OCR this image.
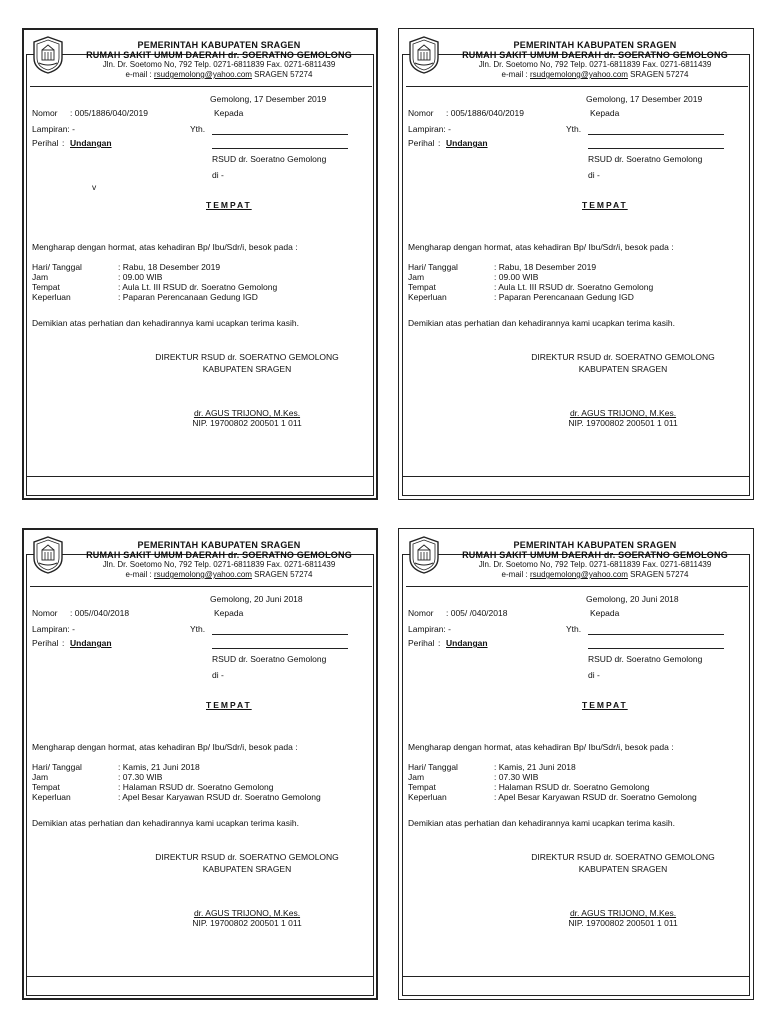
PEMERINTAH KABUPATEN SRAGEN
RUMAH SAKIT UMUM DAERAH dr. SOERATNO GEMOLONG
Jln. Dr. Soetomo No, 792 Telp. 0271-6811839 Fax. 0271-6811439
e-mail : rsudgemolong@yahoo.com SRAGEN 57274
Gemolong, 17 Desember 2019
Nomor : 005/1886/040/2019	Kepada
Lampiran: -	Yth.
Perihal : Undangan
RSUD dr. Soeratno Gemolong
di -
v
TEMPAT
Mengharap dengan hormat, atas kehadiran Bp/ Ibu/Sdr/i, besok pada :
Hari/ Tanggal	: Rabu, 18 Desember 2019
Jam	: 09.00 WIB
Tempat	: Aula Lt. III RSUD dr. Soeratno Gemolong
Keperluan	: Paparan Perencanaan Gedung IGD
Demikian atas perhatian dan kehadirannya kami ucapkan terima kasih.
DIREKTUR RSUD dr. SOERATNO GEMOLONG
KABUPATEN SRAGEN
dr. AGUS TRIJONO, M.Kes.
NIP. 19700802 200501 1 011
PEMERINTAH KABUPATEN SRAGEN
RUMAH SAKIT UMUM DAERAH dr. SOERATNO GEMOLONG
Jln. Dr. Soetomo No, 792 Telp. 0271-6811839 Fax. 0271-6811439
e-mail : rsudgemolong@yahoo.com SRAGEN 57274
Gemolong, 17 Desember 2019
Nomor : 005/1886/040/2019	Kepada
Lampiran: -	Yth.
Perihal : Undangan
RSUD dr. Soeratno Gemolong
di -
TEMPAT
Mengharap dengan hormat, atas kehadiran Bp/ Ibu/Sdr/i, besok pada :
Hari/ Tanggal	: Rabu, 18 Desember 2019
Jam	: 09.00 WIB
Tempat	: Aula Lt. III RSUD dr. Soeratno Gemolong
Keperluan	: Paparan Perencanaan Gedung IGD
Demikian atas perhatian dan kehadirannya kami ucapkan terima kasih.
DIREKTUR RSUD dr. SOERATNO GEMOLONG
KABUPATEN SRAGEN
dr. AGUS TRIJONO, M.Kes.
NIP. 19700802 200501 1 011
PEMERINTAH KABUPATEN SRAGEN
RUMAH SAKIT UMUM DAERAH dr. SOERATNO GEMOLONG
Jln. Dr. Soetomo No, 792 Telp. 0271-6811839 Fax. 0271-6811439
e-mail : rsudgemolong@yahoo.com SRAGEN 57274
Gemolong, 20 Juni 2018
Nomor : 005//040/2018	Kepada
Lampiran: -	Yth.
Perihal : Undangan
RSUD dr. Soeratno Gemolong
di -
TEMPAT
Mengharap dengan hormat, atas kehadiran Bp/ Ibu/Sdr/i, besok pada :
Hari/ Tanggal	: Kamis, 21 Juni 2018
Jam	: 07.30 WIB
Tempat	: Halaman RSUD dr. Soeratno Gemolong
Keperluan	: Apel Besar Karyawan RSUD dr. Soeratno Gemolong
Demikian atas perhatian dan kehadirannya kami ucapkan terima kasih.
DIREKTUR RSUD dr. SOERATNO GEMOLONG
KABUPATEN SRAGEN
dr. AGUS TRIJONO, M.Kes.
NIP. 19700802 200501 1 011
PEMERINTAH KABUPATEN SRAGEN
RUMAH SAKIT UMUM DAERAH dr. SOERATNO GEMOLONG
Jln. Dr. Soetomo No, 792 Telp. 0271-6811839 Fax. 0271-6811439
e-mail : rsudgemolong@yahoo.com SRAGEN 57274
Gemolong, 20 Juni 2018
Nomor : 005/ /040/2018	Kepada
Lampiran: -	Yth.
Perihal : Undangan
RSUD dr. Soeratno Gemolong
di -
TEMPAT
Mengharap dengan hormat, atas kehadiran Bp/ Ibu/Sdr/i, besok pada :
Hari/ Tanggal	: Kamis, 21 Juni 2018
Jam	: 07.30 WIB
Tempat	: Halaman RSUD dr. Soeratno Gemolong
Keperluan	: Apel Besar Karyawan RSUD dr. Soeratno Gemolong
Demikian atas perhatian dan kehadirannya kami ucapkan terima kasih.
DIREKTUR RSUD dr. SOERATNO GEMOLONG
KABUPATEN SRAGEN
dr. AGUS TRIJONO, M.Kes.
NIP. 19700802 200501 1 011
